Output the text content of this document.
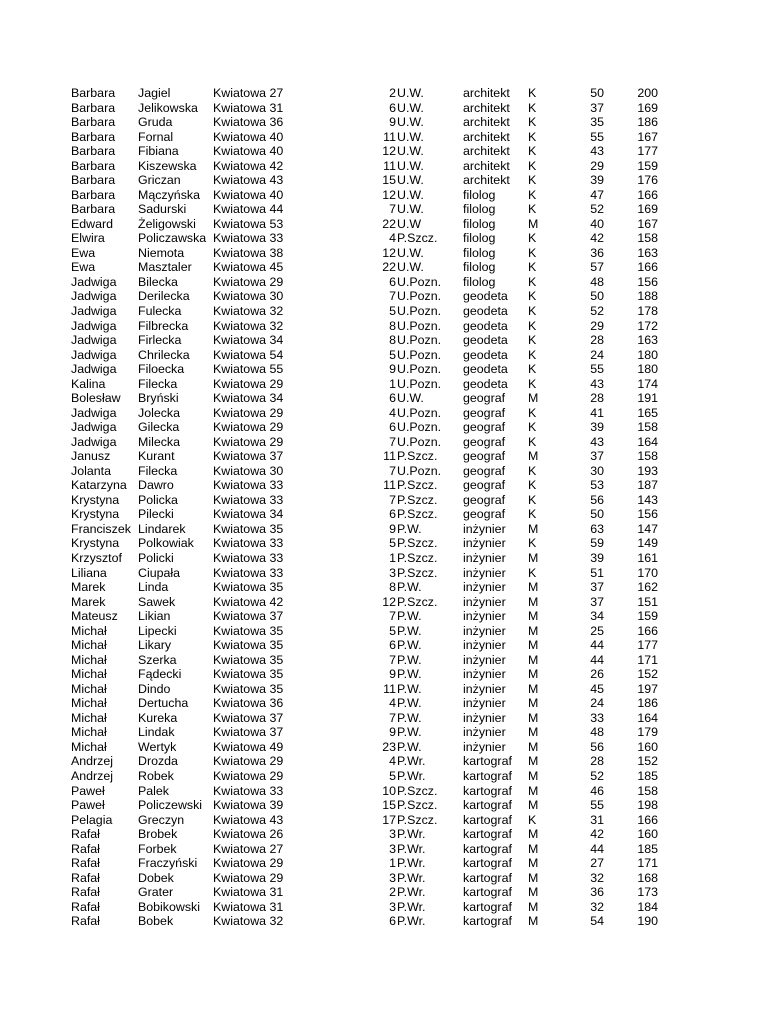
Barbara Jagiel	Kwiatowa 27	2 U.W.	architekt K	50	200
Barbara Jelikowska Kwiatowa 31	6 U.W.	architekt K	37	169
Barbara Gruda	Kwiatowa 36	9 U.W.	architekt K	35	186
Barbara Fornal	Kwiatowa 40	11 U.W.	architekt K	55	167
Barbara Fibiana	Kwiatowa 40	12 U.W.	architekt K	43	177
Barbara Kiszewska Kwiatowa 42	11 U.W.	architekt K	29	159
Barbara Griczan	Kwiatowa 43	15 U.W.	architekt K	39	176
Barbara Mączyńska Kwiatowa 40	12 U.W.	filolog	K	47	166
Barbara Sadurski Kwiatowa 44	7 U.W.	filolog	K	52	169
Edward Żeligowski Kwiatowa 53	22 U.W	filolog	M	40	167
Elwira	Policzawska Kwiatowa 33	4 P.Szcz. filolog	K	42	158
Ewa	Niemota Kwiatowa 38	12 U.W.	filolog	K	36	163
Ewa	Masztaler Kwiatowa 45	22 U.W.	filolog	K	57	166
Jadwiga Bilecka	Kwiatowa 29	6 U.Pozn. filolog	K	48	156
Jadwiga Derilecka Kwiatowa 30	7 U.Pozn. geodeta K	50	188
Jadwiga Fulecka	Kwiatowa 32	5 U.Pozn. geodeta K	52	178
Jadwiga Filbrecka Kwiatowa 32	8 U.Pozn. geodeta K	29	172
Jadwiga Firlecka	Kwiatowa 34	8 U.Pozn. geodeta K	28	163
Jadwiga Chrilecka Kwiatowa 54	5 U.Pozn. geodeta K	24	180
Jadwiga Filoecka Kwiatowa 55	9 U.Pozn. geodeta K	55	180
Kalina	Filecka	Kwiatowa 29	1 U.Pozn. geodeta K	43	174
Bolesław Bryński	Kwiatowa 34	6 U.W.	geograf M	28	191
Jadwiga Jolecka	Kwiatowa 29	4 U.Pozn. geograf K	41	165
Jadwiga Gilecka	Kwiatowa 29	6 U.Pozn. geograf K	39	158
Jadwiga Milecka	Kwiatowa 29	7 U.Pozn. geograf K	43	164
Janusz Kurant	Kwiatowa 37	11 P.Szcz. geograf M	37	158
Jolanta Filecka	Kwiatowa 30	7 U.Pozn. geograf K	30	193
Katarzyna Dawro	Kwiatowa 33	11 P.Szcz. geograf K	53	187
Krystyna Policka	Kwiatowa 33	7 P.Szcz. geograf K	56	143
Krystyna Pilecki	Kwiatowa 34	6 P.Szcz. geograf K	50	156
Franciszek Lindarek Kwiatowa 35	9 P.W.	inżynier M	63	147
Krystyna Polkowiak Kwiatowa 33	5 P.Szcz. inżynier K	59	149
Krzysztof Policki	Kwiatowa 33	1 P.Szcz. inżynier M	39	161
Liliana	Ciupała	Kwiatowa 33	3 P.Szcz. inżynier K	51	170
Marek	Linda	Kwiatowa 35	8 P.W.	inżynier M	37	162
Marek	Sawek	Kwiatowa 42	12 P.Szcz. inżynier M	37	151
Mateusz Likian	Kwiatowa 37	7 P.W.	inżynier M	34	159
Michał	Lipecki	Kwiatowa 35	5 P.W.	inżynier M	25	166
Michał	Likary	Kwiatowa 35	6 P.W.	inżynier M	44	177
Michał	Szerka	Kwiatowa 35	7 P.W.	inżynier M	44	171
Michał	Fądecki	Kwiatowa 35	9 P.W.	inżynier M	26	152
Michał	Dindo	Kwiatowa 35	11 P.W.	inżynier M	45	197
Michał	Dertucha Kwiatowa 36	4 P.W.	inżynier M	24	186
Michał	Kureka	Kwiatowa 37	7 P.W.	inżynier M	33	164
Michał	Lindak	Kwiatowa 37	9 P.W.	inżynier M	48	179
Michał	Wertyk	Kwiatowa 49	23 P.W.	inżynier M	56	160
Andrzej Drozda	Kwiatowa 29	4 P.Wr.	kartograf M	28	152
Andrzej Robek	Kwiatowa 29	5 P.Wr.	kartograf M	52	185
Paweł	Palek	Kwiatowa 33	10 P.Szcz. kartograf M	46	158
Paweł	Policzewski Kwiatowa 39	15 P.Szcz. kartograf M	55	198
Pelagia Greczyn Kwiatowa 43	17 P.Szcz. kartograf K	31	166
Rafał	Brobek	Kwiatowa 26	3 P.Wr.	kartograf M	42	160
Rafał	Forbek	Kwiatowa 27	3 P.Wr.	kartograf M	44	185
Rafał	Fraczyński Kwiatowa 29	1 P.Wr.	kartograf M	27	171
Rafał	Dobek	Kwiatowa 29	3 P.Wr.	kartograf M	32	168
Rafał	Grater	Kwiatowa 31	2 P.Wr.	kartograf M	36	173
Rafał	Bobikowski Kwiatowa 31	3 P.Wr.	kartograf M	32	184
Rafał	Bobek	Kwiatowa 32	6 P.Wr.	kartograf M	54	190
